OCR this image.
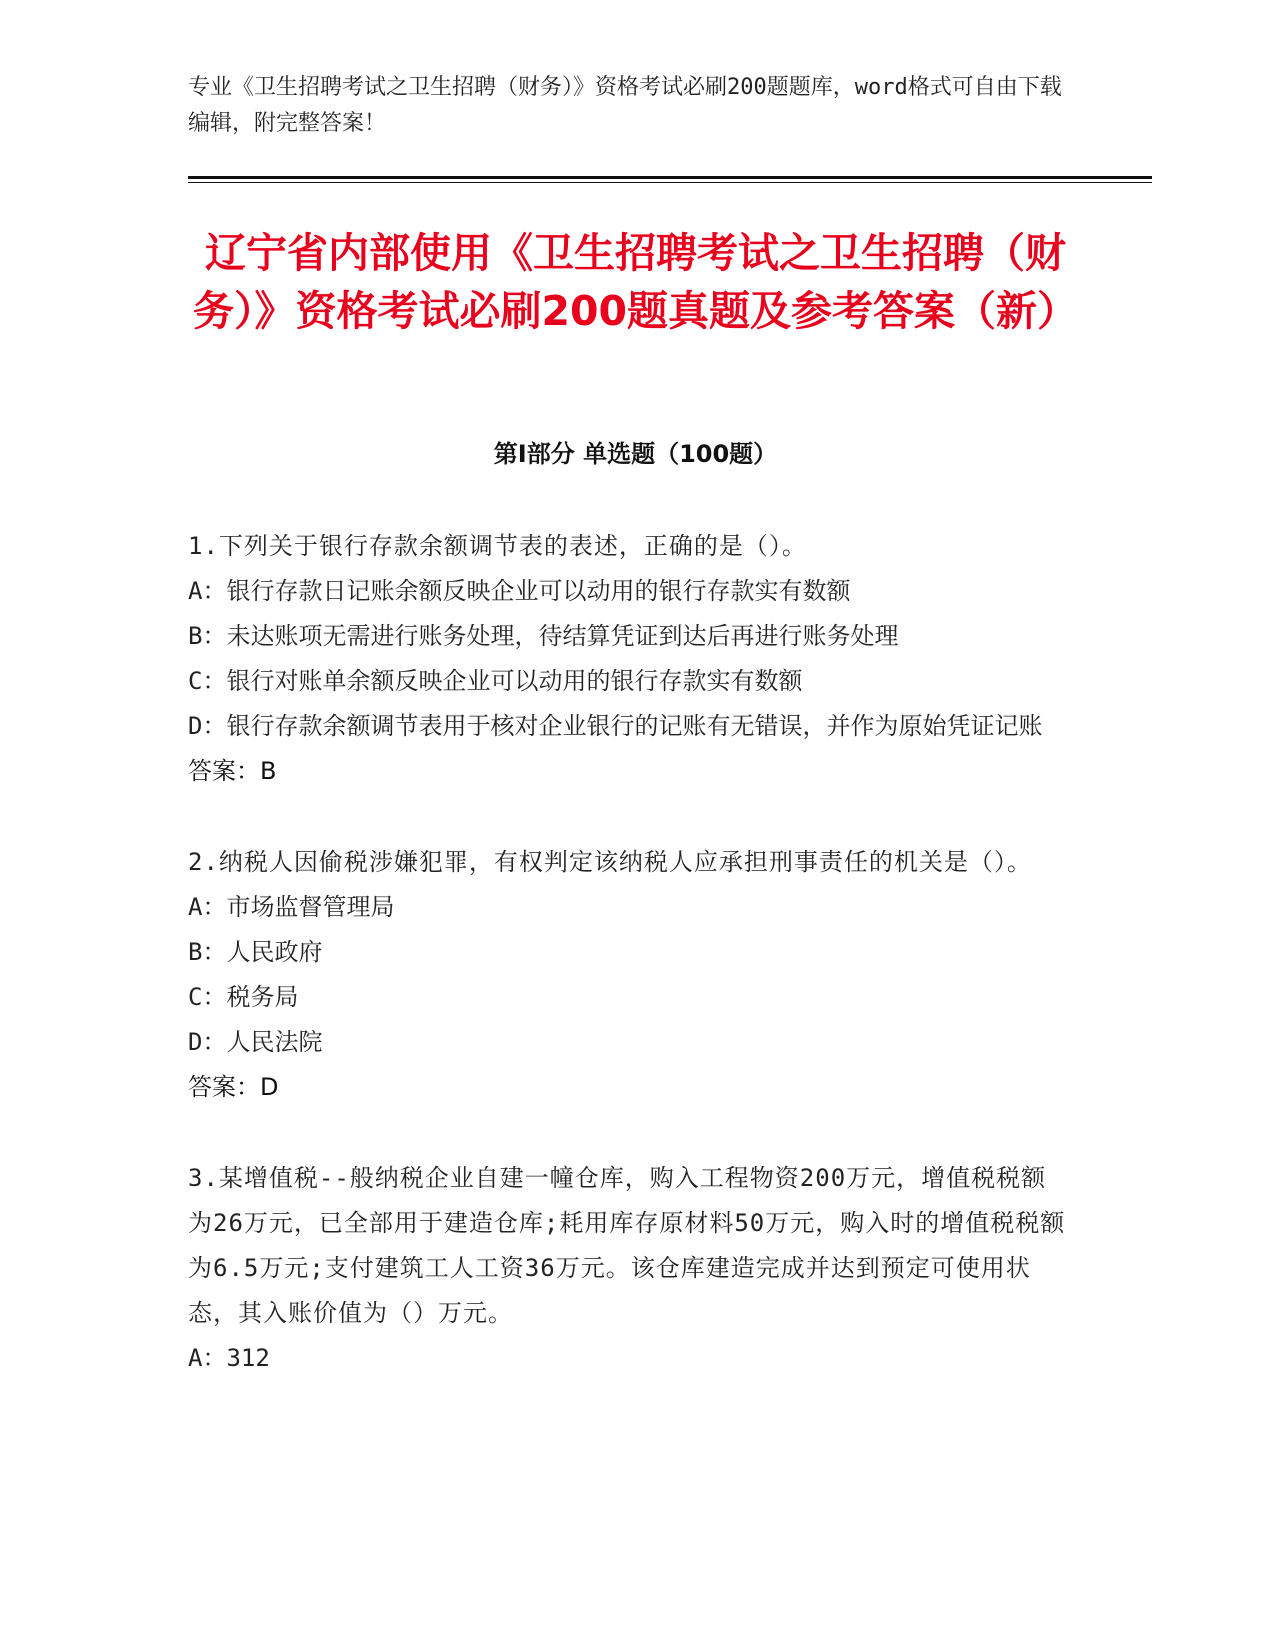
专业《卫生招聘考试之卫生招聘（财务）》资格考试必刷200题题库，word格式可自由下载编辑，附完整答案！
辽宁省内部使用《卫生招聘考试之卫生招聘（财务）》资格考试必刷200题真题及参考答案（新）
第I部分 单选题（100题）
1.下列关于银行存款余额调节表的表述，正确的是（）。
A：银行存款日记账余额反映企业可以动用的银行存款实有数额
B：未达账项无需进行账务处理，待结算凭证到达后再进行账务处理
C：银行对账单余额反映企业可以动用的银行存款实有数额
D：银行存款余额调节表用于核对企业银行的记账有无错误，并作为原始凭证记账
答案：B
2.纳税人因偷税涉嫌犯罪，有权判定该纳税人应承担刑事责任的机关是（）。
A：市场监督管理局
B：人民政府
C：税务局
D：人民法院
答案：D
3.某增值税--般纳税企业自建一幢仓库，购入工程物资200万元，增值税税额为26万元，已全部用于建造仓库;耗用库存原材料50万元，购入时的增值税税额为6.5万元;支付建筑工人工资36万元。该仓库建造完成并达到预定可使用状态，其入账价值为（）万元。
A：312
